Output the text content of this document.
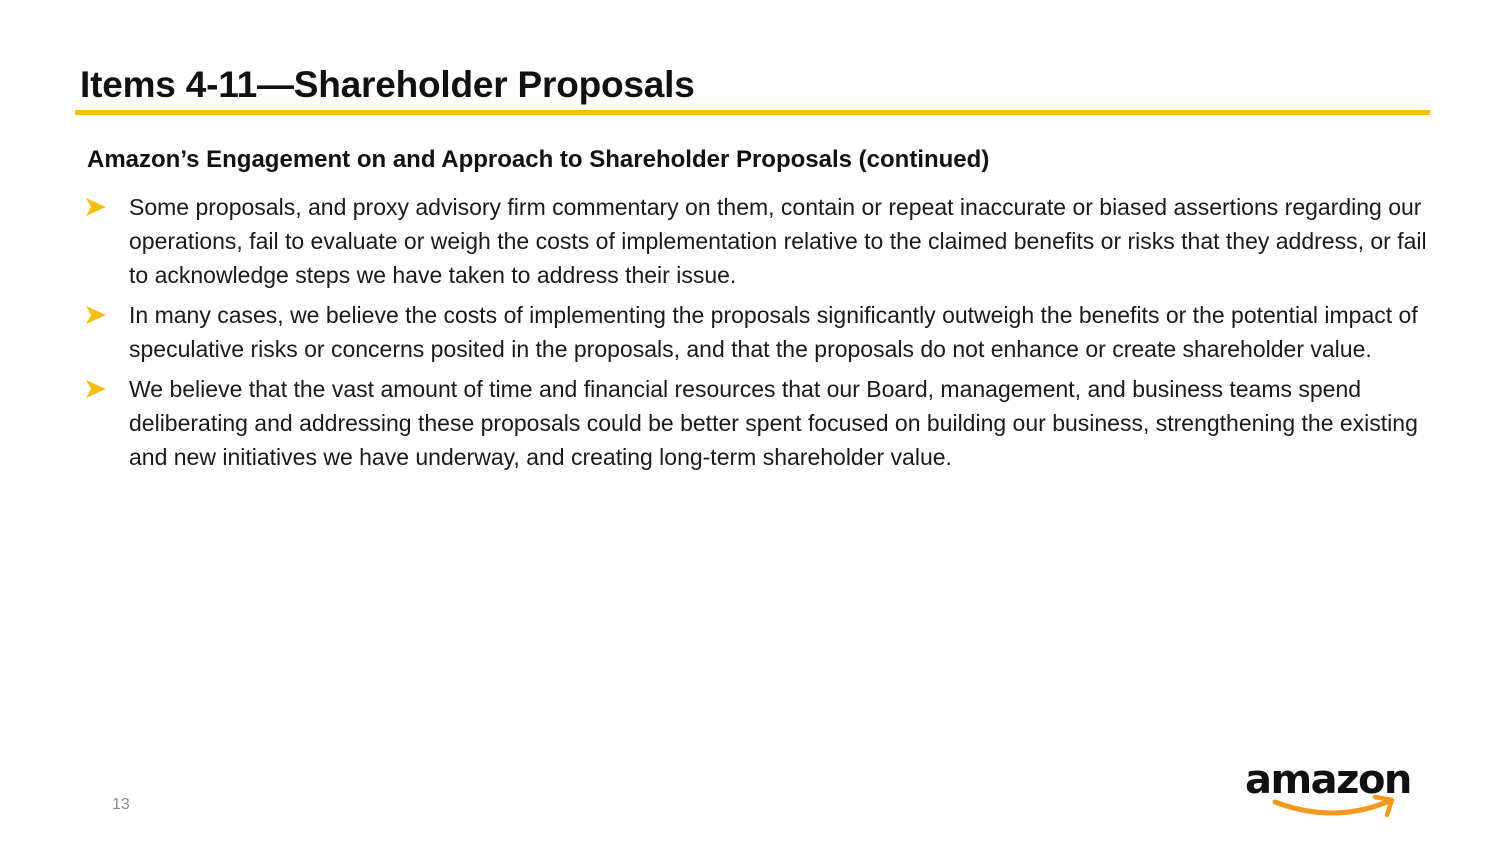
Items 4-11—Shareholder Proposals
Amazon’s Engagement on and Approach to Shareholder Proposals (continued)
Some proposals, and proxy advisory firm commentary on them, contain or repeat inaccurate or biased assertions regarding our operations, fail to evaluate or weigh the costs of implementation relative to the claimed benefits or risks that they address, or fail to acknowledge steps we have taken to address their issue.
In many cases, we believe the costs of implementing the proposals significantly outweigh the benefits or the potential impact of speculative risks or concerns posited in the proposals, and that the proposals do not enhance or create shareholder value.
We believe that the vast amount of time and financial resources that our Board, management, and business teams spend deliberating and addressing these proposals could be better spent focused on building our business, strengthening the existing and new initiatives we have underway, and creating long-term shareholder value.
13
amazon
